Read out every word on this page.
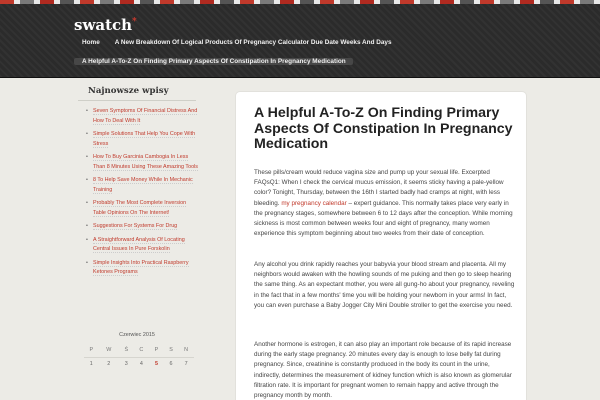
swatch*
Home	A New Breakdown Of Logical Products Of Pregnancy Calculator Due Date Weeks And Days
A Helpful A-To-Z On Finding Primary Aspects Of Constipation In Pregnancy Medication
Najnowsze wpisy
• Seven Symptoms Of Financial Distress And How To Deal With It
• Simple Solutions That Help You Cope With Stress
• How To Buy Garcinia Cambogia In Less Than 8 Minutes Using These Amazing Tools
• 8 To Help Save Money While In Mechanic Training
• Probably The Most Complete Inversion Table Opinions On The Internet!
• Suggestions For Systems For Drug
• A Straightforward Analysis Of Locating Central Issues In Pure Forskolin
• Simple Insights Into Practical Raspberry Ketones Programs
Czerwiec 2015
P	W	Ś	C	P	S	N
1	2	3	4	5	6	7
A Helpful A-To-Z On Finding Primary Aspects Of Constipation In Pregnancy Medication

These pills/cream would reduce vagina size and pump up your sexual life. Excerpted FAQsQ1: When I check the cervical mucus emission, it seems sticky having a pale-yellow color? Tonight, Thursday, between the 16th I started badly had cramps at night, with less bleeding. my pregnancy calendar – expert guidance. This normally takes place very early in the pregnancy stages, somewhere between 6 to 12 days after the conception. While morning sickness is most common between weeks four and eight of pregnancy, many women experience this symptom beginning about two weeks from their date of conception.

Any alcohol you drink rapidly reaches your babyvia your blood stream and placenta. All my neighbors would awaken with the howling sounds of me puking and then go to sleep hearing the same thing. As an expectant mother, you were all gung-ho about your pregnancy, reveling in the fact that in a few months' time you will be holding your newborn in your arms! In fact, you can even purchase a Baby Jogger City Mini Double stroller to get the exercise you need.

Another hormone is estrogen, it can also play an important role because of its rapid increase during the early stage pregnancy. 20 minutes every day is enough to lose belly fat during pregnancy. Since, creatinine is constantly produced in the body its count in the urine, indirectly, determines the measurement of kidney function which is also known as glomerular filtration rate. It is important for pregnant women to remain happy and active through the pregnancy month by month.
